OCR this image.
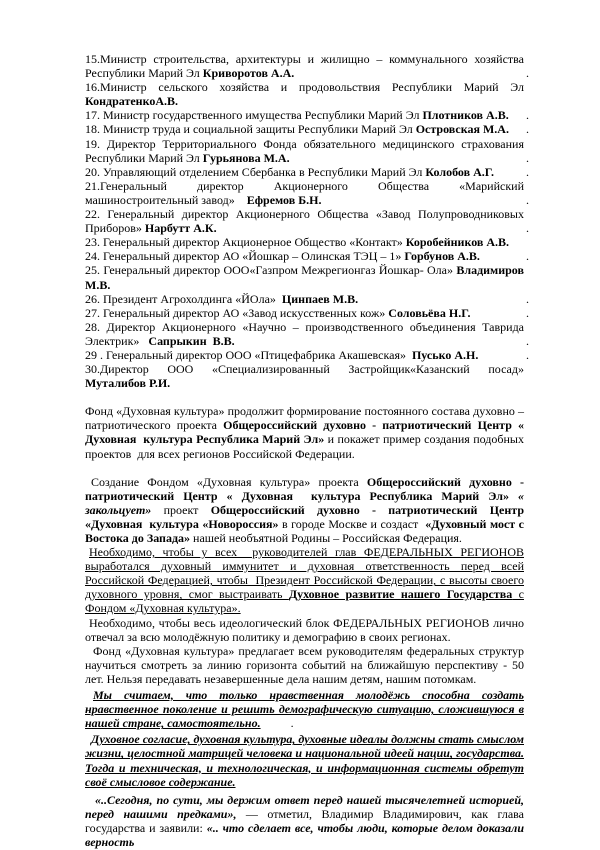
15.Министр строительства, архитектуры и жилищно – коммунального хозяйства Республики Марий Эл Криворотов А.А.	.

16.Министр сельского хозяйства и продовольствия Республики Марий Эл КондратенкоА.В.

17. Министр государственного имущества Республики Марий Эл Плотников А.В. .

18. Министр труда и социальной защиты Республики Марий Эл Островская М.А. .

19. Директор Территориального Фонда обязательного медицинского страхования Республики Марий Эл Гурьянова М.А.	.

20. Управляющий отделением Сбербанка в Республики Марий Эл Колобов А.Г.	.

21.Генеральный директор Акционерного Общества «Марийский машиностроительный завод»    Ефремов Б.Н.	.

22. Генеральный директор Акционерного Общества «Завод Полупроводниковых Приборов» Нарбутт А.К.	.

23. Генеральный директор Акционерное Общество «Контакт» Коробейников А.В.

24. Генеральный директор АО «Йошкар – Олинская ТЭЦ – 1» Горбунов А.В.	.

25. Генеральный директор ООО«Газпром Межрегионгаз Йошкар- Ола» Владимиров М.В.

26. Президент Агрохолдинга «ЙОла»  Цинпаев М.В.	.

27. Генеральный директор АО «Завод искусственных кож» Соловьёва Н.Г.	.

28. Директор Акционерного «Научно – производственного объединения Таврида Электрик»   Сапрыкин  В.В.	.

29 . Генеральный директор ООО «Птицефабрика Акашевская»  Пусько А.Н.	.

30.Директор ООО «Специализированный Застройщик«Казанский посад» Муталибов Р.И.

Фонд «Духовная культура» продолжит формирование постоянного состава духовно – патриотического проекта Общероссийский духовно - патриотический Центр « Духовная  культура Республика Марий Эл» и покажет пример создания подобных проектов  для всех регионов Российской Федерации.

Создание Фондом «Духовная культура» проекта Общероссийский духовно - патриотический Центр « Духовная  культура Республика Марий Эл» « закольцует» проект Общероссийский духовно - патриотический Центр «Духовная  культура «Новороссия» в городе Москве и создаст  «Духовный мост с Востока до Запада» нашей необъятной Родины – Российская Федерация.

Необходимо, чтобы у всех  руководителей глав ФЕДЕРАЛЬНЫХ РЕГИОНОВ выработался духовный иммунитет и духовная ответственность перед всей Российской Федерацией, чтобы  Президент Российской Федерации, с высоты своего духовного уровня, смог выстраивать Духовное развитие нашего Государства с Фондом «Духовная культура».

Необходимо, чтобы весь идеологический блок ФЕДЕРАЛЬНЫХ РЕГИОНОВ лично отвечал за всю молодёжную политику и демографию в своих регионах.

Фонд «Духовная культура» предлагает всем руководителям федеральных структур научиться смотреть за линию горизонта событий на ближайшую перспективу - 50 лет. Нельзя передавать незавершенные дела нашим детям, нашим потомкам.

Мы считаем, что только нравственная молодёжь способна создать нравственное поколение и решить демографическую ситуацию, сложившуюся в нашей стране, самостоятельно.          .

Духовное согласие, духовная культура, духовные идеалы должны стать смыслом жизни, целостной матрицей человека и национальной идеей нации, государства. Тогда и техническая, и технологическая, и информационная системы обретут своё смысловое содержание.

«..Сегодня, по сути, мы держим ответ перед нашей тысячелетней историей, перед нашими предками», — отметил, Владимир Владимирович, как глава государства и заявили: «.. что сделает все, чтобы люди, которые делом доказали верность
